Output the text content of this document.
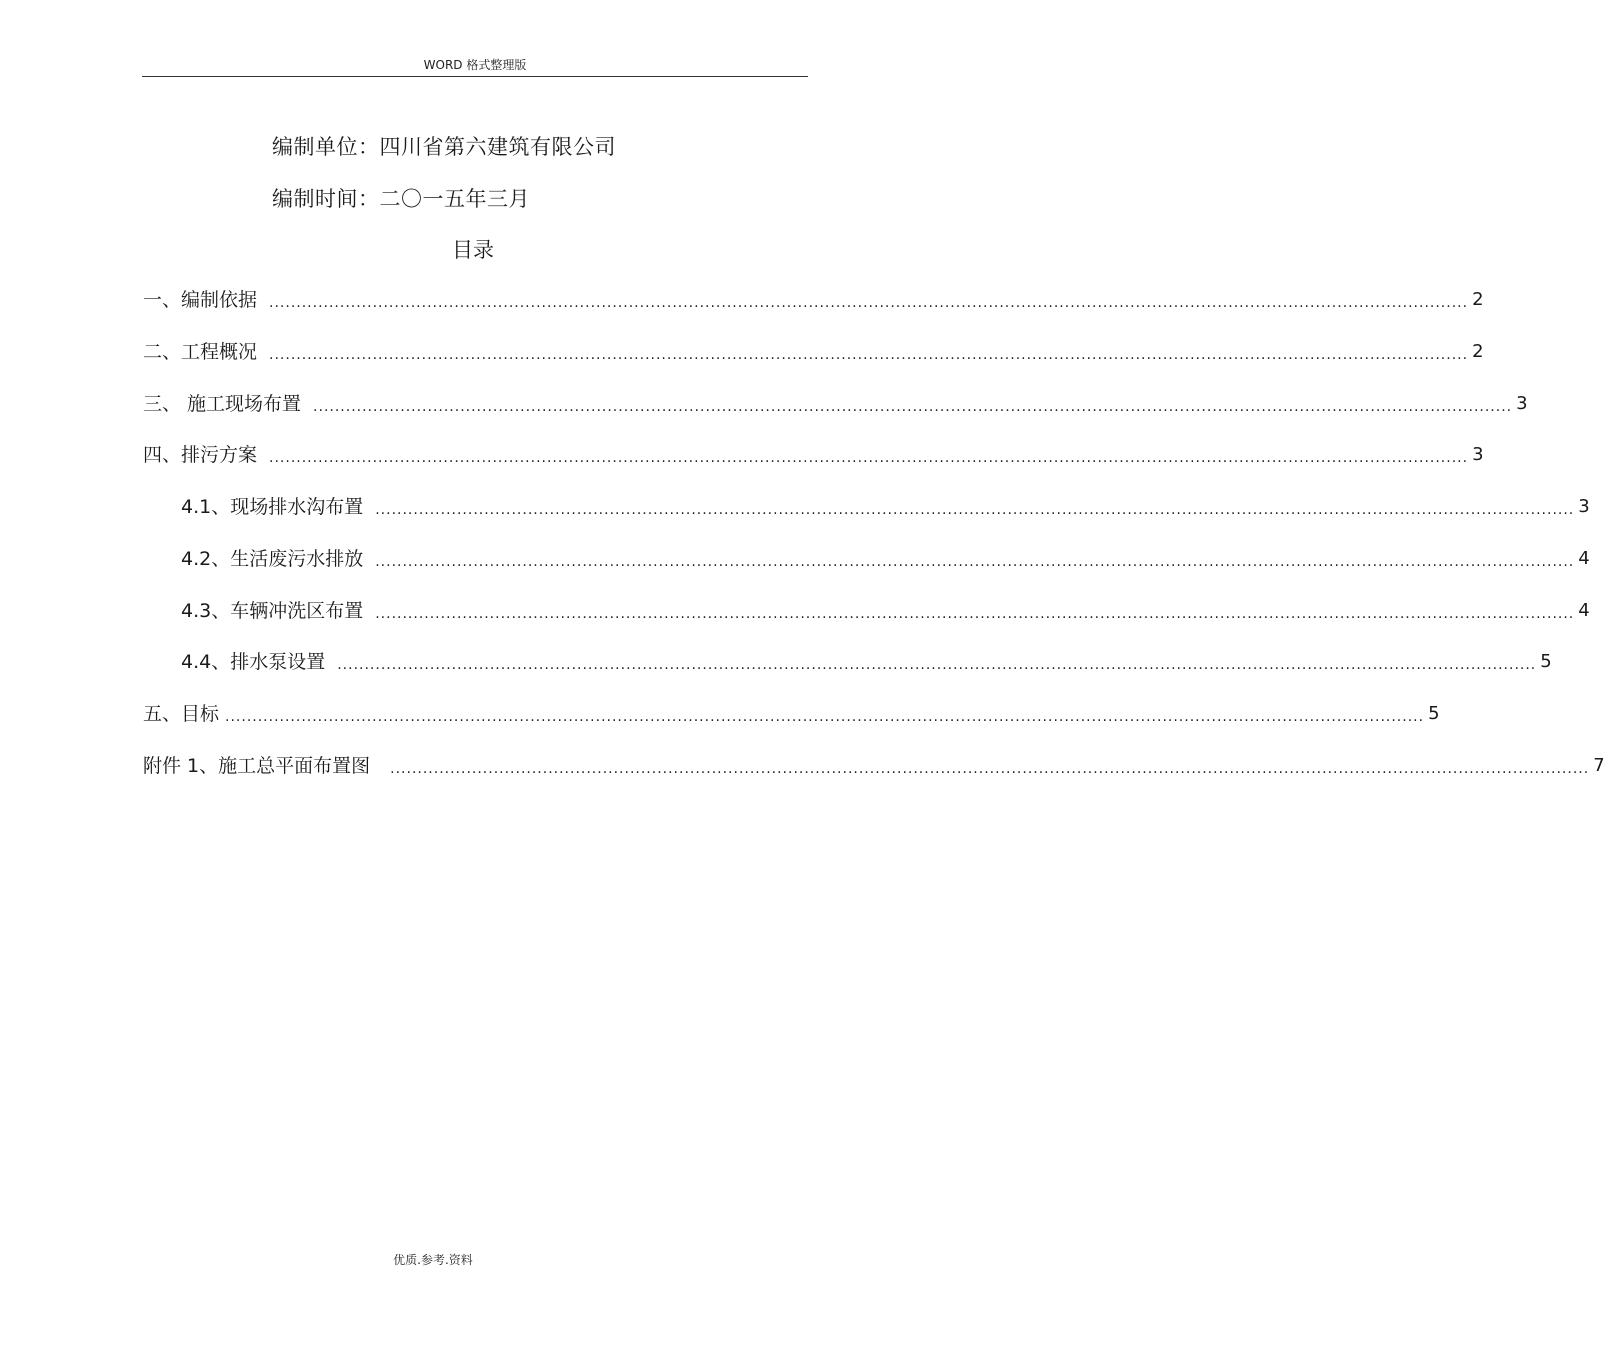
WORD 格式整理版
编制单位：四川省第六建筑有限公司
编制时间：二〇一五年三月
目录
一、编制依据 ............................................................................................................................................................................................................................ 2
二、工程概况 ............................................................................................................................................................................................................................ 2
三、 施工现场布置 ............................................................................................................................................................................................................................ 3
四、排污方案 ............................................................................................................................................................................................................................ 3
4.1、现场排水沟布置 ............................................................................................................................................................................................................................ 3
4.2、生活废污水排放 ............................................................................................................................................................................................................................ 4
4.3、车辆冲洗区布置 ............................................................................................................................................................................................................................ 4
4.4、排水泵设置 ............................................................................................................................................................................................................................ 5
五、目标 ............................................................................................................................................................................................................................ 5
附件 1、施工总平面布置图 ............................................................................................................................................................................................................................ 7
优质.参考.资料
